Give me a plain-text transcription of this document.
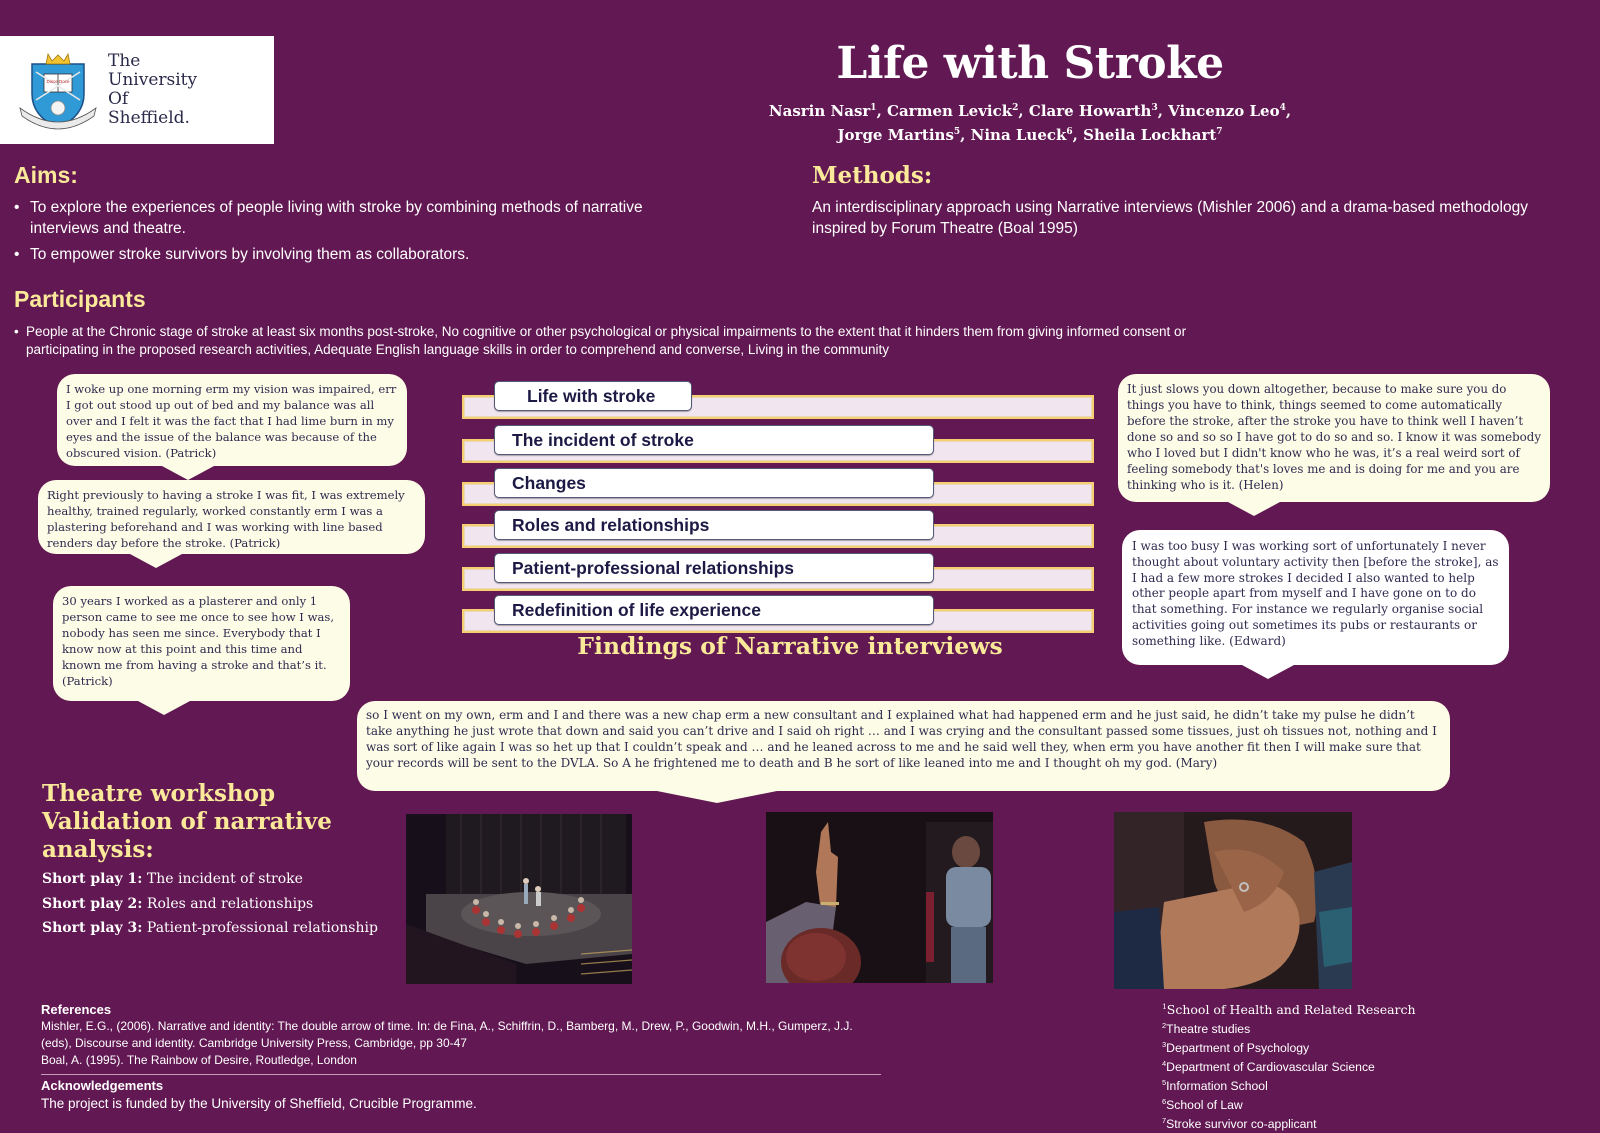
Disce Doce
The
University
Of
Sheffield.
Life with Stroke
Nasrin Nasr$^1$, Carmen Levick$^2$, Clare Howarth$^3$, Vincenzo Leo$^4$,
Jorge Martins$^5$, Nina Lueck$^6$, Sheila Lockhart$^7$
Aims:
• To explore the experiences of people living with stroke by combining methods of narrative interviews and theatre.
• To empower stroke survivors by involving them as collaborators.
Methods:
An interdisciplinary approach using Narrative interviews (Mishler 2006) and a drama-based methodology inspired by Forum Theatre (Boal 1995)
Participants
• People at the Chronic stage of stroke at least six months post-stroke, No cognitive or other psychological or physical impairments to the extent that it hinders them from giving informed consent or participating in the proposed research activities, Adequate English language skills in order to comprehend and converse, Living in the community
I woke up one morning erm my vision was impaired, err I got out stood up out of bed and my balance was all over and I felt it was the fact that I had lime burn in my eyes and the issue of the balance was because of the obscured vision. (Patrick)
Right previously to having a stroke I was fit, I was extremely healthy, trained regularly, worked constantly erm I was a plastering beforehand and I was working with line based renders day before the stroke. (Patrick)
30 years I worked as a plasterer and only 1 person came to see me once to see how I was, nobody has seen me since. Everybody that I know now at this point and this time and known me from having a stroke and that’s it. (Patrick)
It just slows you down altogether, because to make sure you do things you have to think, things seemed to come automatically before the stroke, after the stroke you have to think well I haven’t done so and so so I have got to do so and so. I know it was somebody who I loved but I didn't know who he was, it’s a real weird sort of feeling somebody that's loves me and is doing for me and you are thinking who is it. (Helen)
I was too busy I was working sort of unfortunately I never thought about voluntary activity then [before the stroke], as I had a few more strokes I decided I also wanted to help other people apart from myself and I have gone on to do that something. For instance we regularly organise social activities going out sometimes its pubs or restaurants or something like. (Edward)
so I went on my own, erm and I and there was a new chap erm a new consultant and I explained what had happened erm and he just said, he didn’t take my pulse he didn’t take anything he just wrote that down and said you can’t drive and I said oh right … and I was crying and the consultant passed some tissues, just oh tissues not, nothing and I was sort of like again I was so het up that I couldn’t speak and … and he leaned across to me and he said well they, when erm you have another fit then I will make sure that your records will be sent to the DVLA. So A he frightened me to death and B he sort of like leaned into me and I thought oh my god. (Mary)
Life with stroke
The incident of stroke
Changes
Roles and relationships
Patient-professional relationships
Redefinition of life experience
Findings of Narrative interviews
Theatre workshop
Validation of narrative
analysis:
Short play 1: The incident of stroke
Short play 2: Roles and relationships
Short play 3: Patient-professional relationship
References
Mishler, E.G., (2006). Narrative and identity: The double arrow of time. In: de Fina, A., Schiffrin, D., Bamberg, M., Drew, P., Goodwin, M.H., Gumperz, J.J. (eds), Discourse and identity. Cambridge University Press, Cambridge, pp 30-47
Boal, A. (1995). The Rainbow of Desire, Routledge, London
Acknowledgements
The project is funded by the University of Sheffield, Crucible Programme.
$^1$School of Health and Related Research
$^2$Theatre studies
$^3$Department of Psychology
$^4$Department of Cardiovascular Science
$^5$Information School
$^6$School of Law
$^7$Stroke survivor co-applicant
